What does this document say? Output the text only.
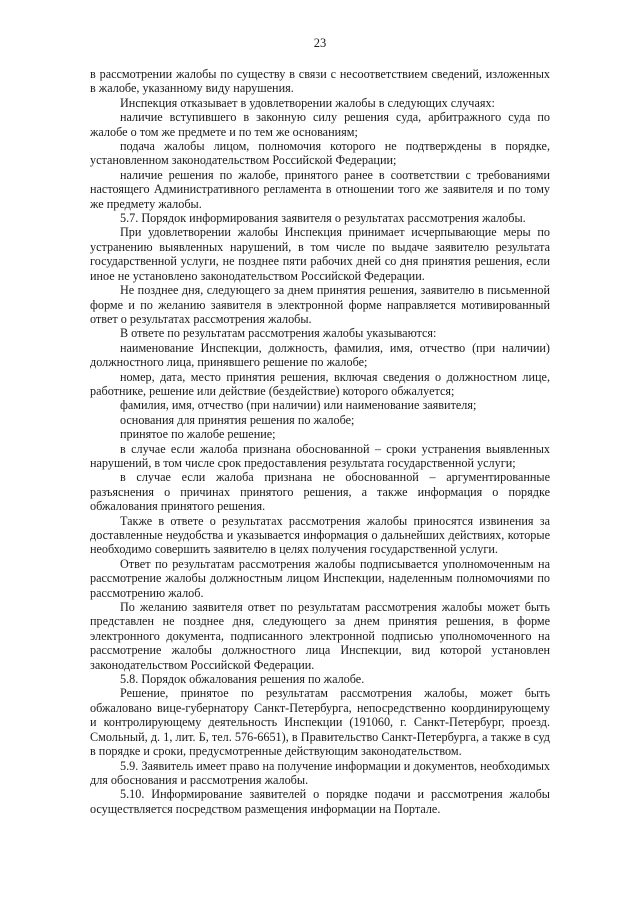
23

в рассмотрении жалобы по существу в связи с несоответствием сведений, изложенных в жалобе, указанному виду нарушения.

Инспекция отказывает в удовлетворении жалобы в следующих случаях:

наличие вступившего в законную силу решения суда, арбитражного суда по жалобе о том же предмете и по тем же основаниям;

подача жалобы лицом, полномочия которого не подтверждены в порядке, установленном законодательством Российской Федерации;

наличие решения по жалобе, принятого ранее в соответствии с требованиями настоящего Административного регламента в отношении того же заявителя и по тому же предмету жалобы.

5.7. Порядок информирования заявителя о результатах рассмотрения жалобы.

При удовлетворении жалобы Инспекция принимает исчерпывающие меры по устранению выявленных нарушений, в том числе по выдаче заявителю результата государственной услуги, не позднее пяти рабочих дней со дня принятия решения, если иное не установлено законодательством Российской Федерации.

Не позднее дня, следующего за днем принятия решения, заявителю в письменной форме и по желанию заявителя в электронной форме направляется мотивированный ответ о результатах рассмотрения жалобы.

В ответе по результатам рассмотрения жалобы указываются:

наименование Инспекции, должность, фамилия, имя, отчество (при наличии) должностного лица, принявшего решение по жалобе;

номер, дата, место принятия решения, включая сведения о должностном лице, работнике, решение или действие (бездействие) которого обжалуется;

фамилия, имя, отчество (при наличии) или наименование заявителя;

основания для принятия решения по жалобе;

принятое по жалобе решение;

в случае если жалоба признана обоснованной – сроки устранения выявленных нарушений, в том числе срок предоставления результата государственной услуги;

в случае если жалоба признана не обоснованной – аргументированные разъяснения о причинах принятого решения, а также информация о порядке обжалования принятого решения.

Также в ответе о результатах рассмотрения жалобы приносятся извинения за доставленные неудобства и указывается информация о дальнейших действиях, которые необходимо совершить заявителю в целях получения государственной услуги.

Ответ по результатам рассмотрения жалобы подписывается уполномоченным на рассмотрение жалобы должностным лицом Инспекции, наделенным полномочиями по рассмотрению жалоб.

По желанию заявителя ответ по результатам рассмотрения жалобы может быть представлен не позднее дня, следующего за днем принятия решения, в форме электронного документа, подписанного электронной подписью уполномоченного на рассмотрение жалобы должностного лица Инспекции, вид которой установлен законодательством Российской Федерации.

5.8. Порядок обжалования решения по жалобе.

Решение, принятое по результатам рассмотрения жалобы, может быть обжаловано вице-губернатору Санкт-Петербурга, непосредственно координирующему и контролирующему деятельность Инспекции (191060, г. Санкт-Петербург, проезд. Смольный, д. 1, лит. Б, тел. 576-6651), в Правительство Санкт-Петербурга, а также в суд в порядке и сроки, предусмотренные действующим законодательством.

5.9. Заявитель имеет право на получение информации и документов, необходимых для обоснования и рассмотрения жалобы.

5.10. Информирование заявителей о порядке подачи и рассмотрения жалобы осуществляется посредством размещения информации на Портале.
